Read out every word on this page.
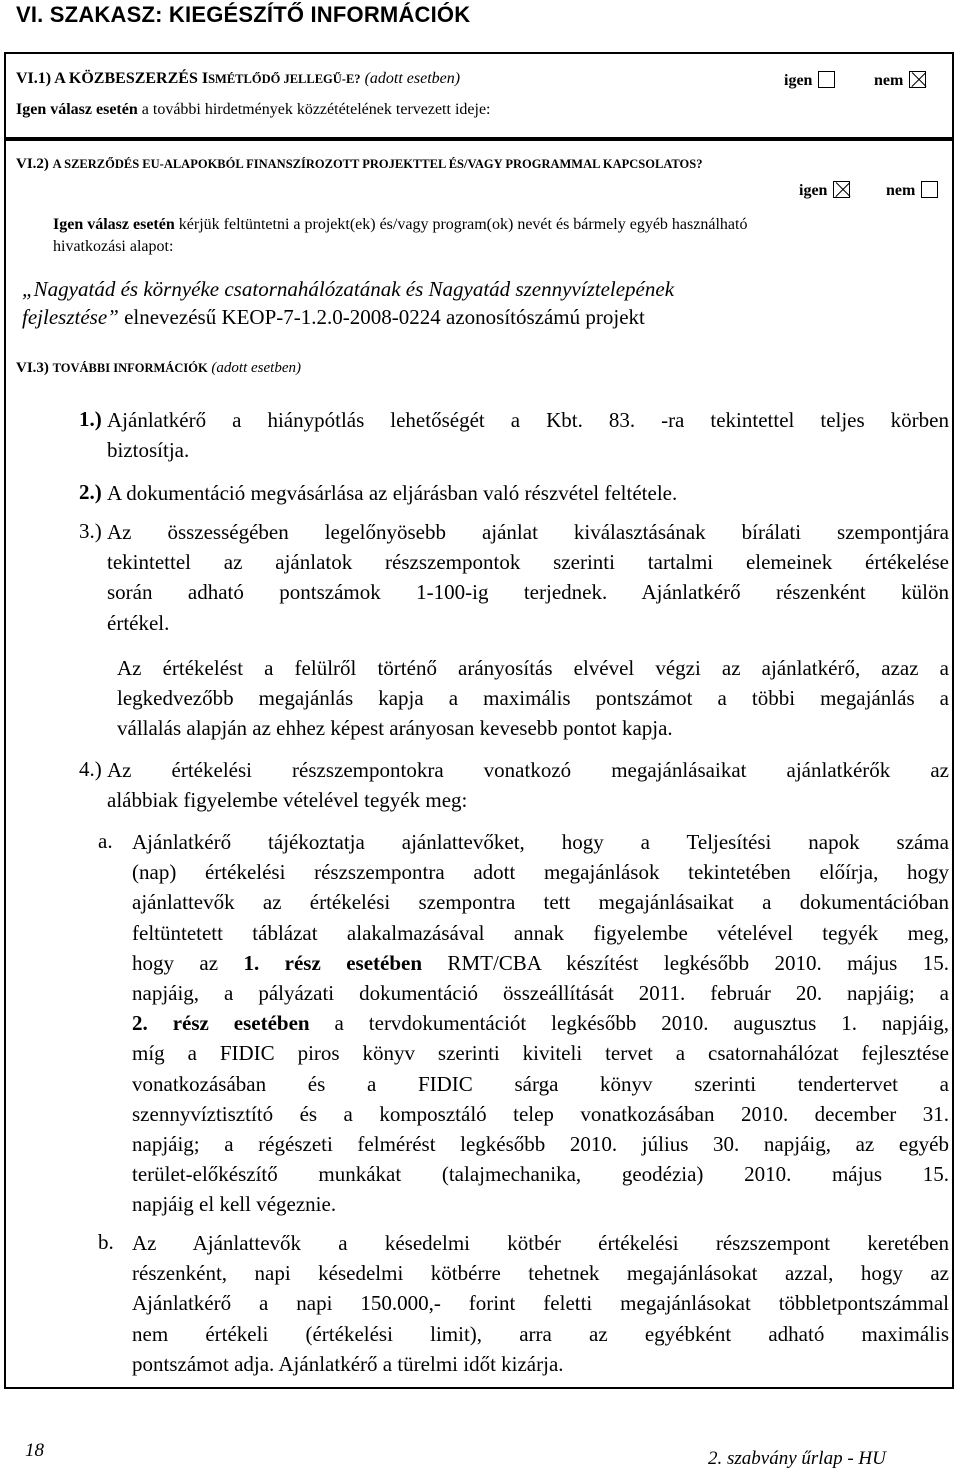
VI. SZAKASZ: KIEGÉSZÍTŐ INFORMÁCIÓK
VI.1) A KÖZBESZERZÉS ISMÉTLŐDŐ JELLEGŰ-E? (adott esetben)	igen	nem
Igen válasz esetén a további hirdetmények közzétételének tervezett ideje:
VI.2) A SZERZŐDÉS EU-ALAPOKBÓL FINANSZÍROZOTT PROJEKTTEL ÉS/VAGY PROGRAMMAL KAPCSOLATOS?
igen	nem
Igen válasz esetén kérjük feltüntetni a projekt(ek) és/vagy program(ok) nevét és bármely egyéb használható
hivatkozási alapot:
„Nagyatád és környéke csatornahálózatának és Nagyatád szennyvíztelepének
fejlesztése” elnevezésű KEOP-7-1.2.0-2008-0224 azonosítószámú projekt
VI.3) TOVÁBBI INFORMÁCIÓK (adott esetben)
1.) Ajánlatkérő a hiánypótlás lehetőségét a Kbt. 83. -ra tekintettel teljes körben
biztosítja.
2.) A dokumentáció megvásárlása az eljárásban való részvétel feltétele.
3.) Az összességében legelőnyösebb ajánlat kiválasztásának bírálati szempontjára
tekintettel az ajánlatok részszempontok szerinti tartalmi elemeinek értékelése
során adható pontszámok 1-100-ig terjednek. Ajánlatkérő részenként külön
értékel.
Az értékelést a felülről történő arányosítás elvével végzi az ajánlatkérő, azaz a
legkedvezőbb megajánlás kapja a maximális pontszámot a többi megajánlás a
vállalás alapján az ehhez képest arányosan kevesebb pontot kapja.
4.) Az értékelési részszempontokra vonatkozó megajánlásaikat ajánlatkérők az
alábbiak figyelembe vételével tegyék meg:
a. Ajánlatkérő tájékoztatja ajánlattevőket, hogy a Teljesítési napok száma
(nap) értékelési részszempontra adott megajánlások tekintetében előírja, hogy
ajánlattevők az értékelési szempontra tett megajánlásaikat a dokumentációban
feltüntetett táblázat alakalmazásával annak figyelembe vételével tegyék meg,
hogy az 1. rész esetében RMT/CBA készítést legkésőbb 2010. május 15.
napjáig, a pályázati dokumentáció összeállítását 2011. február 20. napjáig; a
2. rész esetében a tervdokumentációt legkésőbb 2010. augusztus 1. napjáig,
míg a FIDIC piros könyv szerinti kiviteli tervet a csatornahálózat fejlesztése
vonatkozásában és a FIDIC sárga könyv szerinti tendertervet a
szennyvíztisztító és a komposztáló telep vonatkozásában 2010. december 31.
napjáig; a régészeti felmérést legkésőbb 2010. július 30. napjáig, az egyéb
terület-előkészítő munkákat (talajmechanika, geodézia) 2010. május 15.
napjáig el kell végeznie.
b. Az Ajánlattevők a késedelmi kötbér értékelési részszempont keretében
részenként, napi késedelmi kötbérre tehetnek megajánlásokat azzal, hogy az
Ajánlatkérő a napi 150.000,- forint feletti megajánlásokat többletpontszámmal
nem értékeli (értékelési limit), arra az egyébként adható maximális
pontszámot adja. Ajánlatkérő a türelmi időt kizárja.
18	2. szabvány űrlap - HU
